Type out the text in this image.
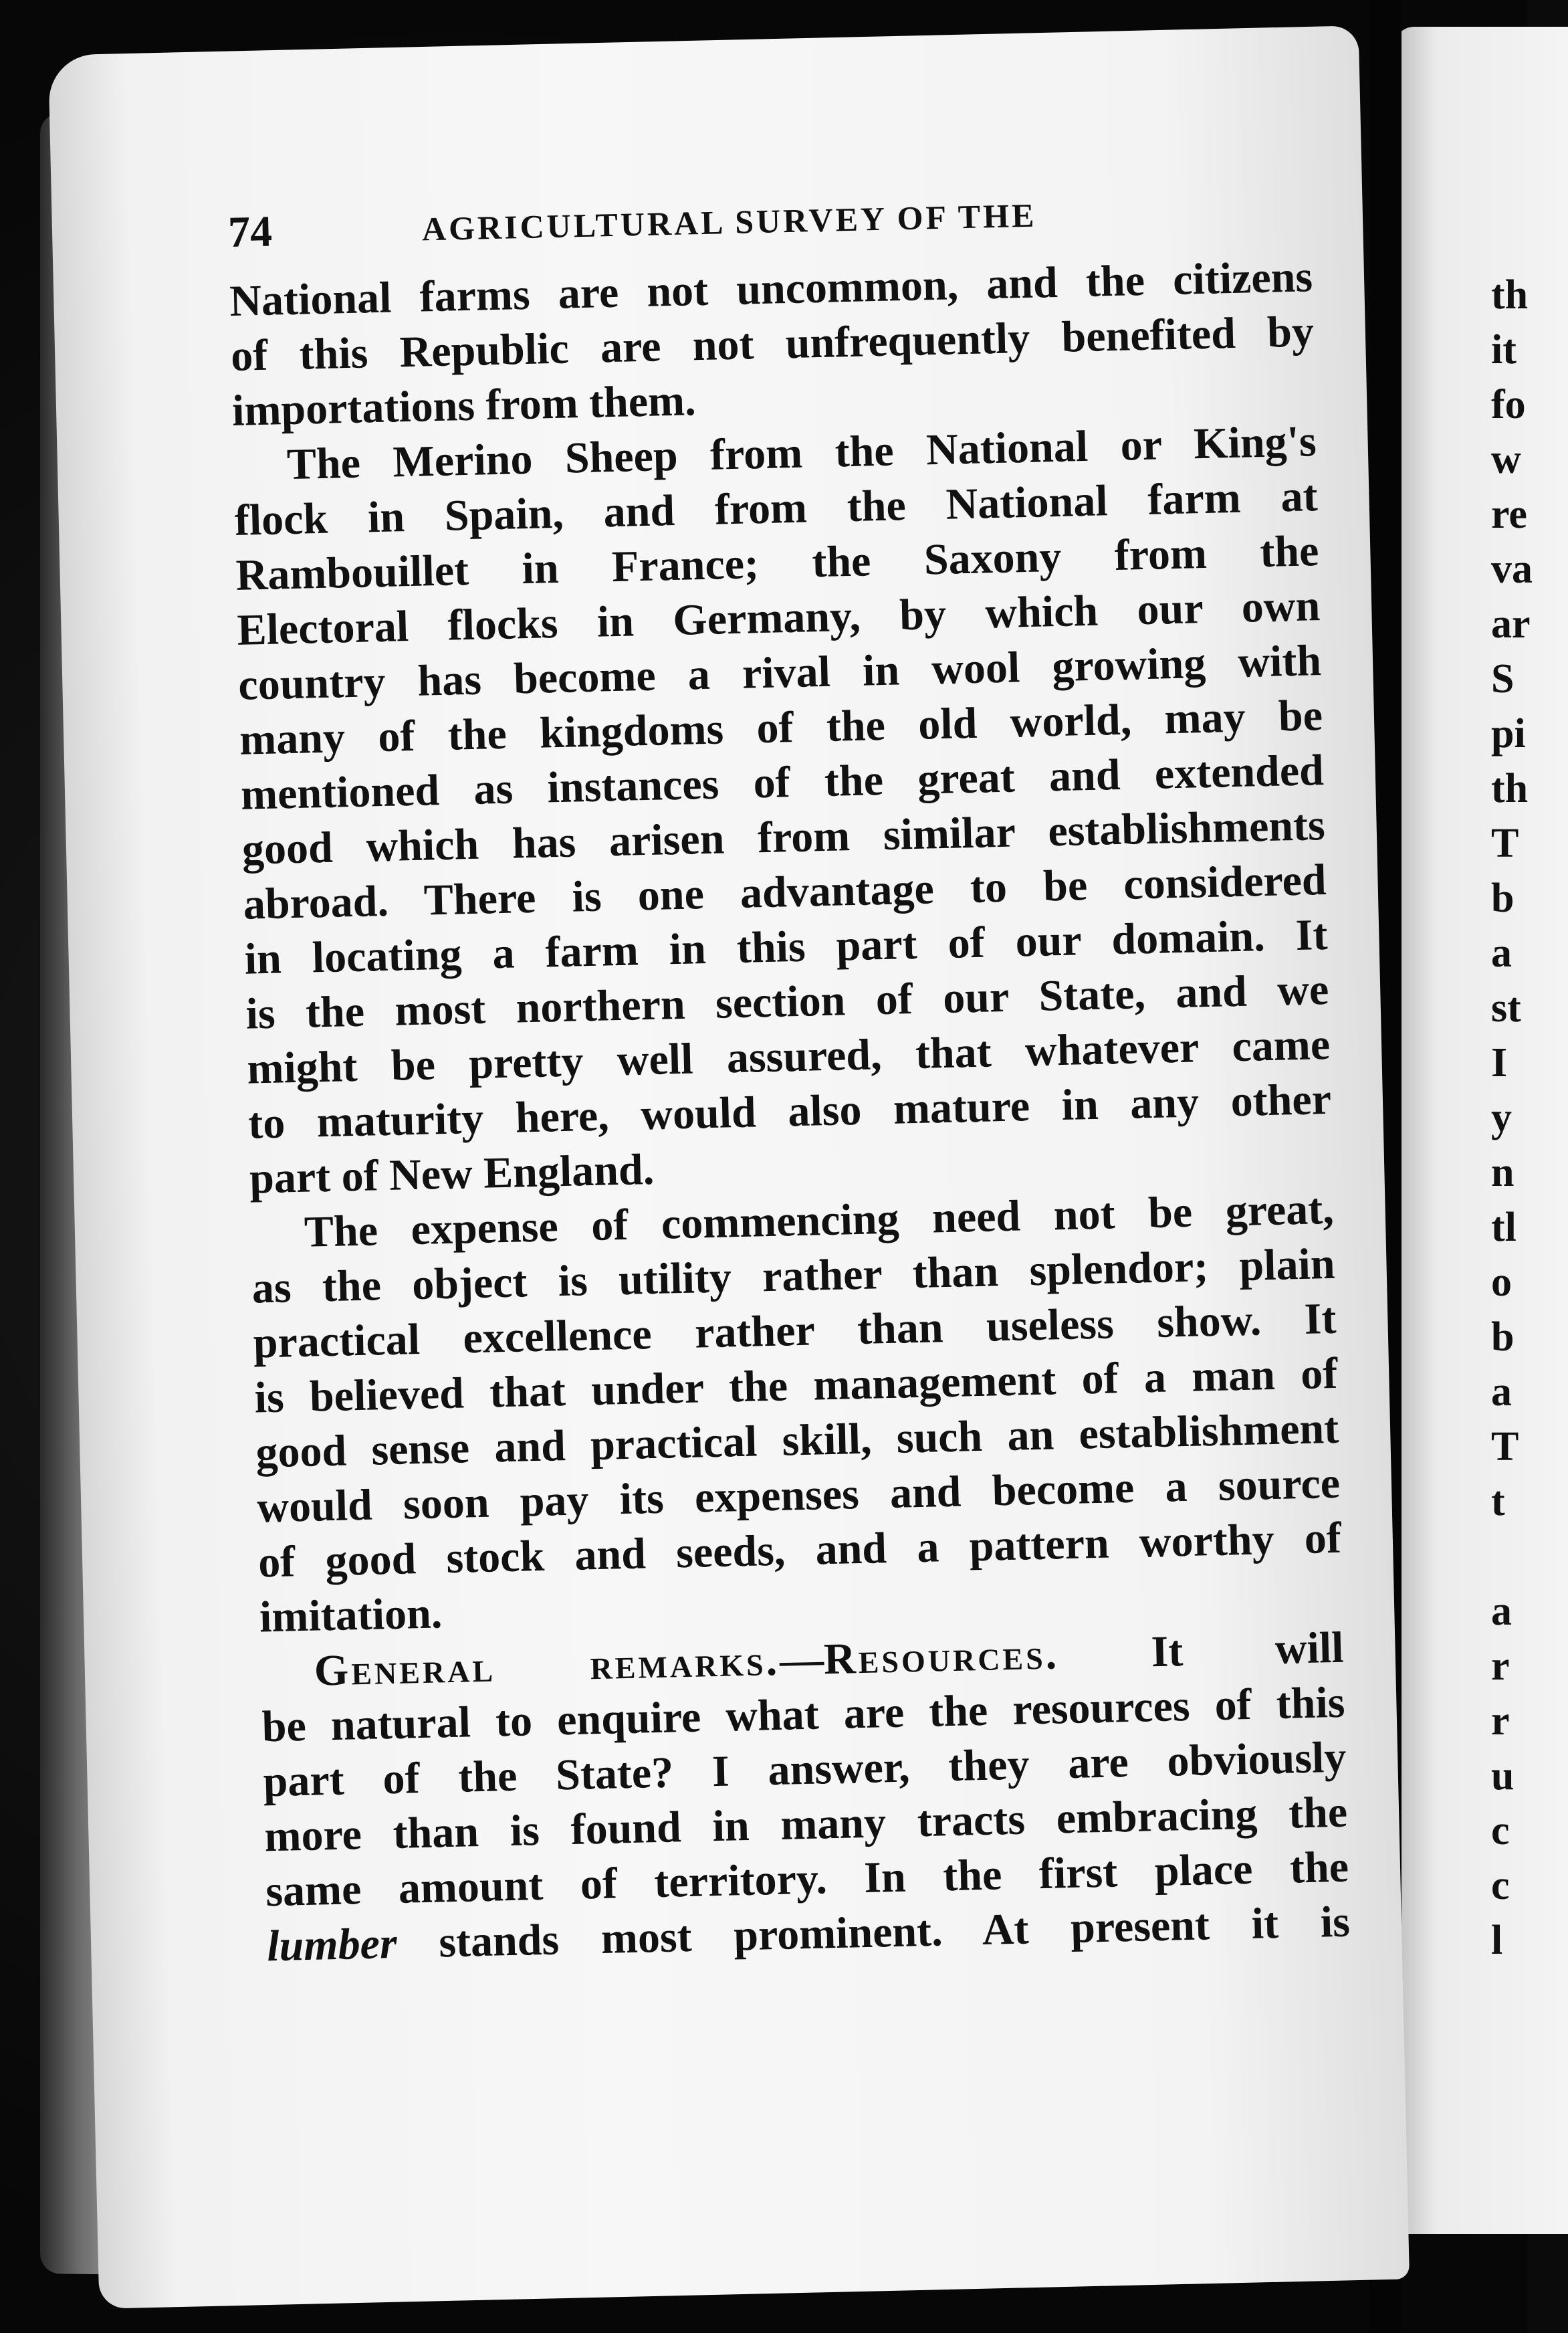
th
it
fo
w
re
va
ar
S
pi
th
T
b
a
st
I
y
n
tl
o
b
a
T
t
a
r
r
u
c
c
l
74	AGRICULTURAL SURVEY OF THE

National farms are not uncommon, and the citizens
of this Republic are not unfrequently benefited by
importations from them.

The Merino Sheep from the National or King's
flock in Spain, and from the National farm at
Rambouillet in France; the Saxony from the
Electoral flocks in Germany, by which our own
country has become a rival in wool growing with
many of the kingdoms of the old world, may be
mentioned as instances of the great and extended
good which has arisen from similar establishments
abroad. There is one advantage to be considered
in locating a farm in this part of our domain. It
is the most northern section of our State, and we
might be pretty well assured, that whatever came
to maturity here, would also mature in any other
part of New England.

The expense of commencing need not be great,
as the object is utility rather than splendor; plain
practical excellence rather than useless show. It
is believed that under the management of a man of
good sense and practical skill, such an establishment
would soon pay its expenses and become a source
of good stock and seeds, and a pattern worthy of
imitation.

General remarks.—Resources. It will
be natural to enquire what are the resources of this
part of the State? I answer, they are obviously
more than is found in many tracts embracing the
same amount of territory. In the first place the
lumber stands most prominent. At present it is
